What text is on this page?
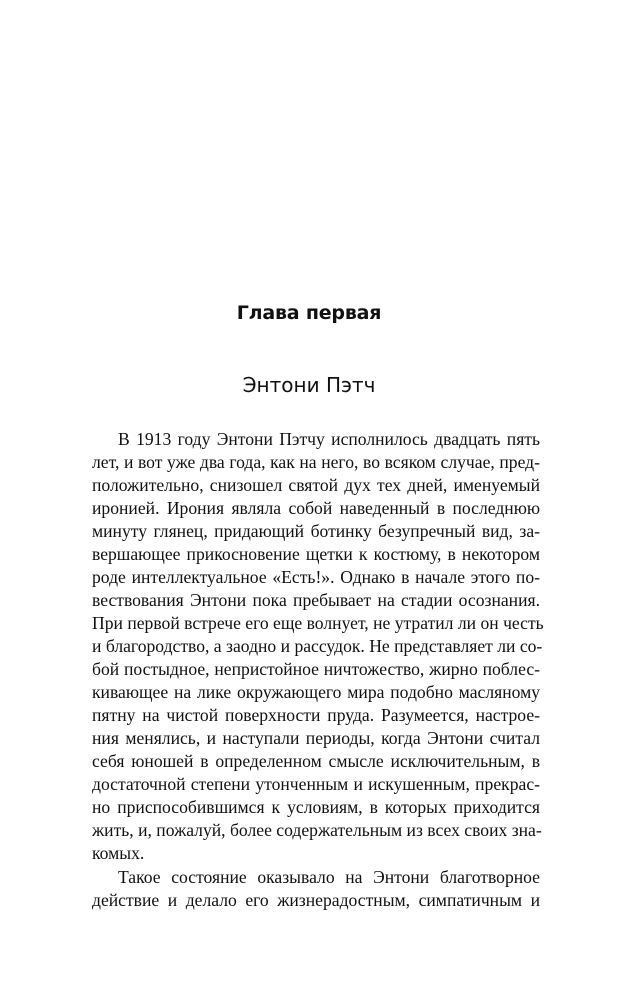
Глава первая
Энтони Пэтч
В 1913 году Энтони Пэтчу исполнилось двадцать пять
лет, и вот уже два года, как на него, во всяком случае, пред-
положительно, снизошел святой дух тех дней, именуемый
иронией. Ирония являла собой наведенный в последнюю
минуту глянец, придающий ботинку безупречный вид, за-
вершающее прикосновение щетки к костюму, в некотором
роде интеллектуальное «Есть!». Однако в начале этого по-
вествования Энтони пока пребывает на стадии осознания.
При первой встрече его еще волнует, не утратил ли он честь
и благородство, а заодно и рассудок. Не представляет ли со-
бой постыдное, непристойное ничтожество, жирно поблес-
кивающее на лике окружающего мира подобно масляному
пятну на чистой поверхности пруда. Разумеется, настрое-
ния менялись, и наступали периоды, когда Энтони считал
себя юношей в определенном смысле исключительным, в
достаточной степени утонченным и искушенным, прекрас-
но приспособившимся к условиям, в которых приходится
жить, и, пожалуй, более содержательным из всех своих зна-
комых.
Такое состояние оказывало на Энтони благотворное
действие и делало его жизнерадостным, симпатичным и
